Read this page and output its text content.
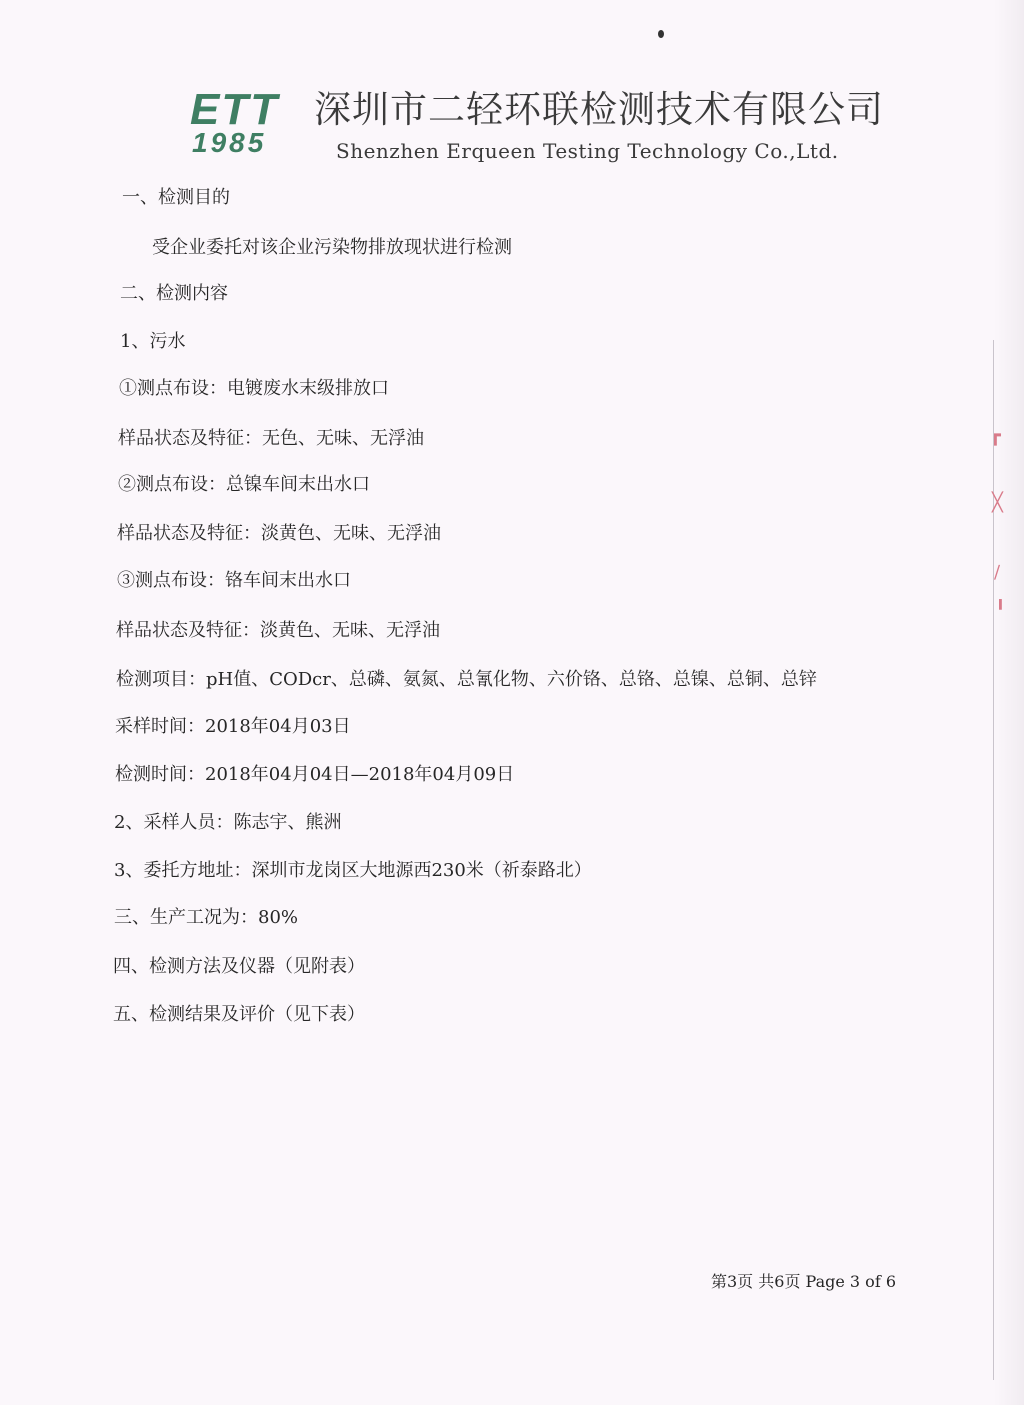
ETT
1985
深圳市二轻环联检测技术有限公司
Shenzhen Erqueen Testing Technology Co.,Ltd.
一、检测目的
受企业委托对该企业污染物排放现状进行检测
二、检测内容
1、污水
①测点布设：电镀废水末级排放口
样品状态及特征：无色、无味、无浮油
②测点布设：总镍车间末出水口
样品状态及特征：淡黄色、无味、无浮油
③测点布设：铬车间末出水口
样品状态及特征：淡黄色、无味、无浮油
检测项目：pH值、CODcr、总磷、氨氮、总氰化物、六价铬、总铬、总镍、总铜、总锌
采样时间：2018年04月03日
检测时间：2018年04月04日—2018年04月09日
2、采样人员：陈志宇、熊洲
3、委托方地址：深圳市龙岗区大地源西230米（祈泰路北）
三、生产工况为：80%
四、检测方法及仪器（见附表）
五、检测结果及评价（见下表）
┏
╳
∕
╹
第3页 共6页 Page 3 of 6
